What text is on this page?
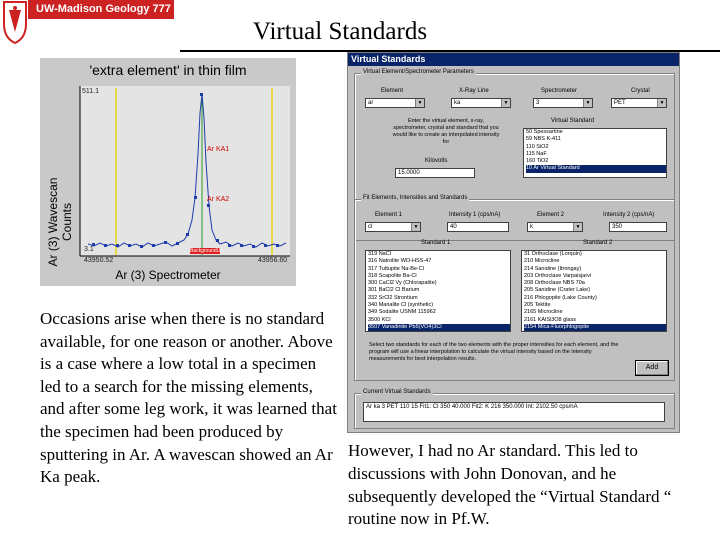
UW-Madison Geology 777
Virtual Standards
'extra element' in thin film
Ar (3) Wavescan
Counts
Ar (3) Spectrometer
511.1
3.1
43950.52	43956.60
Ar KA1
Ar KA2
BackgroundUp
Virtual Standards
Virtual Element/Spectrometer Parameters
Element
ar	▼
X-Ray Line
ka	▼
Spectrometer
3	▼
Crystal
PET	▼
Enter the virtual element, x-ray, spectrometer, crystal and standard that you would like to create an interpolated intensity for
Kilovolts
15.0000
Virtual Standard
50 Spessartine
59 NBS K-411
110 SiO2
115 NaF
160 TiO2
10 Ar Virtual Standard
Fit Elements, Intensities and Standards
Element 1
cl	▼
Intensity 1 (cps/nA)
40
Element 2
k	▼
Intensity 2 (cps/nA)
350
Standard 1	Standard 2
319 NaCl
316 Natrolite WO-HSS-47
317 Tuttupite Na-Be-Cl
318 Scapolite Ba-Cl
300 CaCl2 Vy (Chlorapatite)
301 BaCl2 Cl Barium
332 SrCl2 Strontium
340 Marialite Cl (synthetic)
349 Sodalite USNM 115962
3500 KCl
3507 Vanadinite Pb5(VO4)3Cl
31 Orthoclase (Lorquin)
210 Microcline
214 Sanidine (Itrongay)
203 Orthoclase Varpaisjarvi
208 Orthoclase NBS 70a
205 Sanidine (Crater Lake)
216 Phlogopite (Lake County)
205 Tektite
2165 Microcline
2161 KAlSi3O8 glass
2154 Mica-Fluorphlogopite
Select two standards for each of the two elements with the proper intensities for each element, and the program will use a linear interpolation to calculate the virtual intensity based on the intensity measurements for best interpolation results.
Add
Current Virtual Standards
Ar ka 3 PET 110 15 Fit1: Cl 350 40.000 Fit2: K 216 350.000 Int: 2102.50 cps/nA
Occasions arise when there is no standard available, for one reason or another. Above is a case where a low total in a specimen led to a search for the missing elements, and after some leg work, it was learned that the specimen had been produced by sputtering in Ar. A wavescan showed an Ar Ka peak.
However, I had no Ar standard. This led to discussions with John Donovan, and he subsequently developed the “Virtual Standard “ routine now in Pf.W.
